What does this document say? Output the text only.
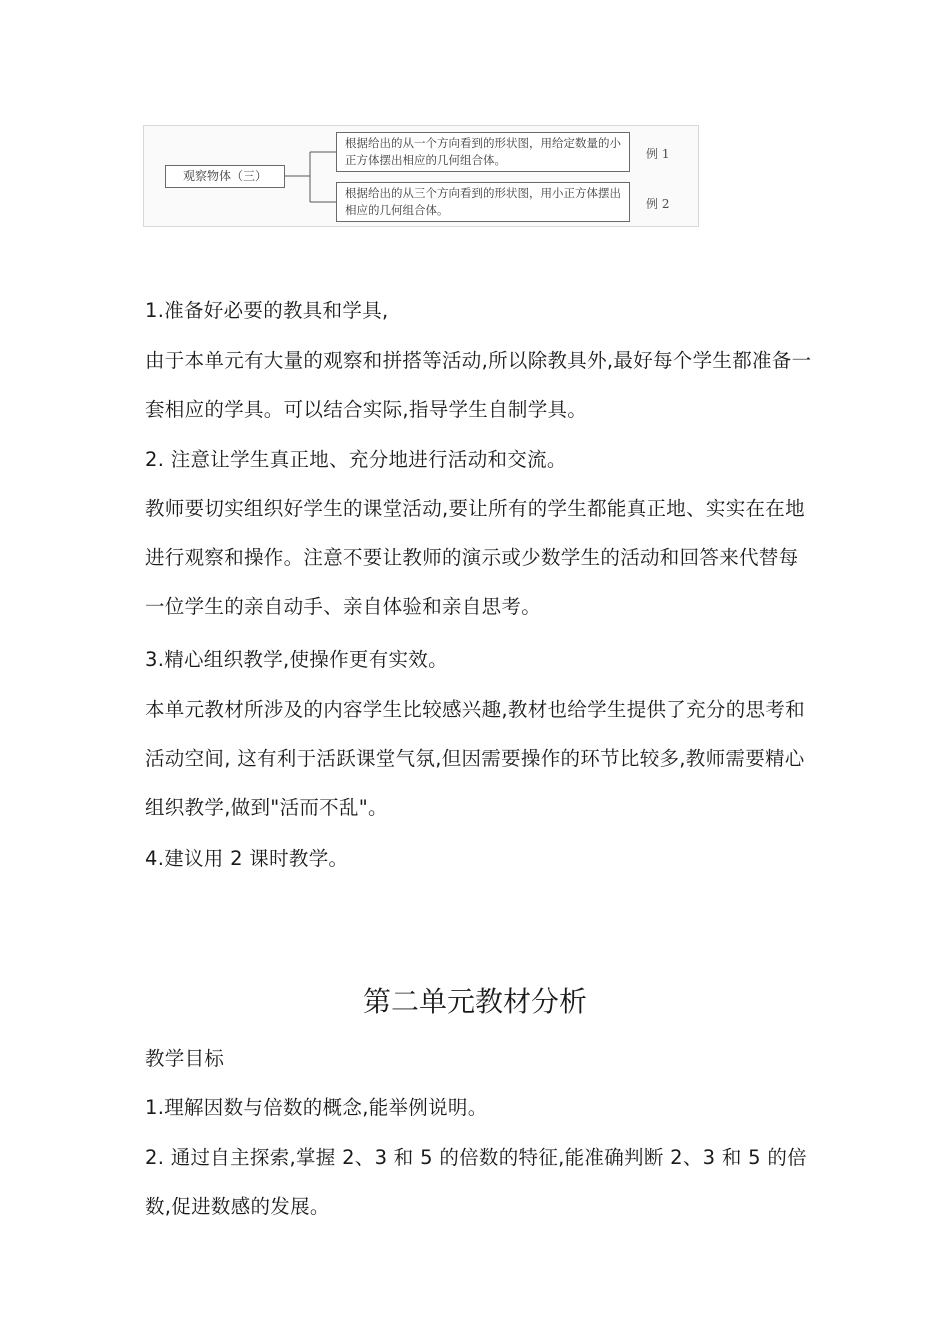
观察物体（三）
根据给出的从一个方向看到的形状图，用给定数量的小正方体摆出相应的几何组合体。
根据给出的从三个方向看到的形状图，用小正方体摆出相应的几何组合体。
例 1
例 2

1.准备好必要的教具和学具,

由于本单元有大量的观察和拼搭等活动,所以除教具外,最好每个学生都准备一套相应的学具。可以结合实际,指导学生自制学具。

2. 注意让学生真正地、充分地进行活动和交流。

教师要切实组织好学生的课堂活动,要让所有的学生都能真正地、实实在在地进行观察和操作。注意不要让教师的演示或少数学生的活动和回答来代替每一位学生的亲自动手、亲自体验和亲自思考。

3.精心组织教学,使操作更有实效。

本单元教材所涉及的内容学生比较感兴趣,教材也给学生提供了充分的思考和活动空间, 这有利于活跃课堂气氛,但因需要操作的环节比较多,教师需要精心组织教学,做到"活而不乱"。

4.建议用 2 课时教学。

第二单元教材分析

教学目标

1.理解因数与倍数的概念,能举例说明。

2. 通过自主探索,掌握 2、3 和 5 的倍数的特征,能准确判断 2、3 和 5 的倍数,促进数感的发展。
